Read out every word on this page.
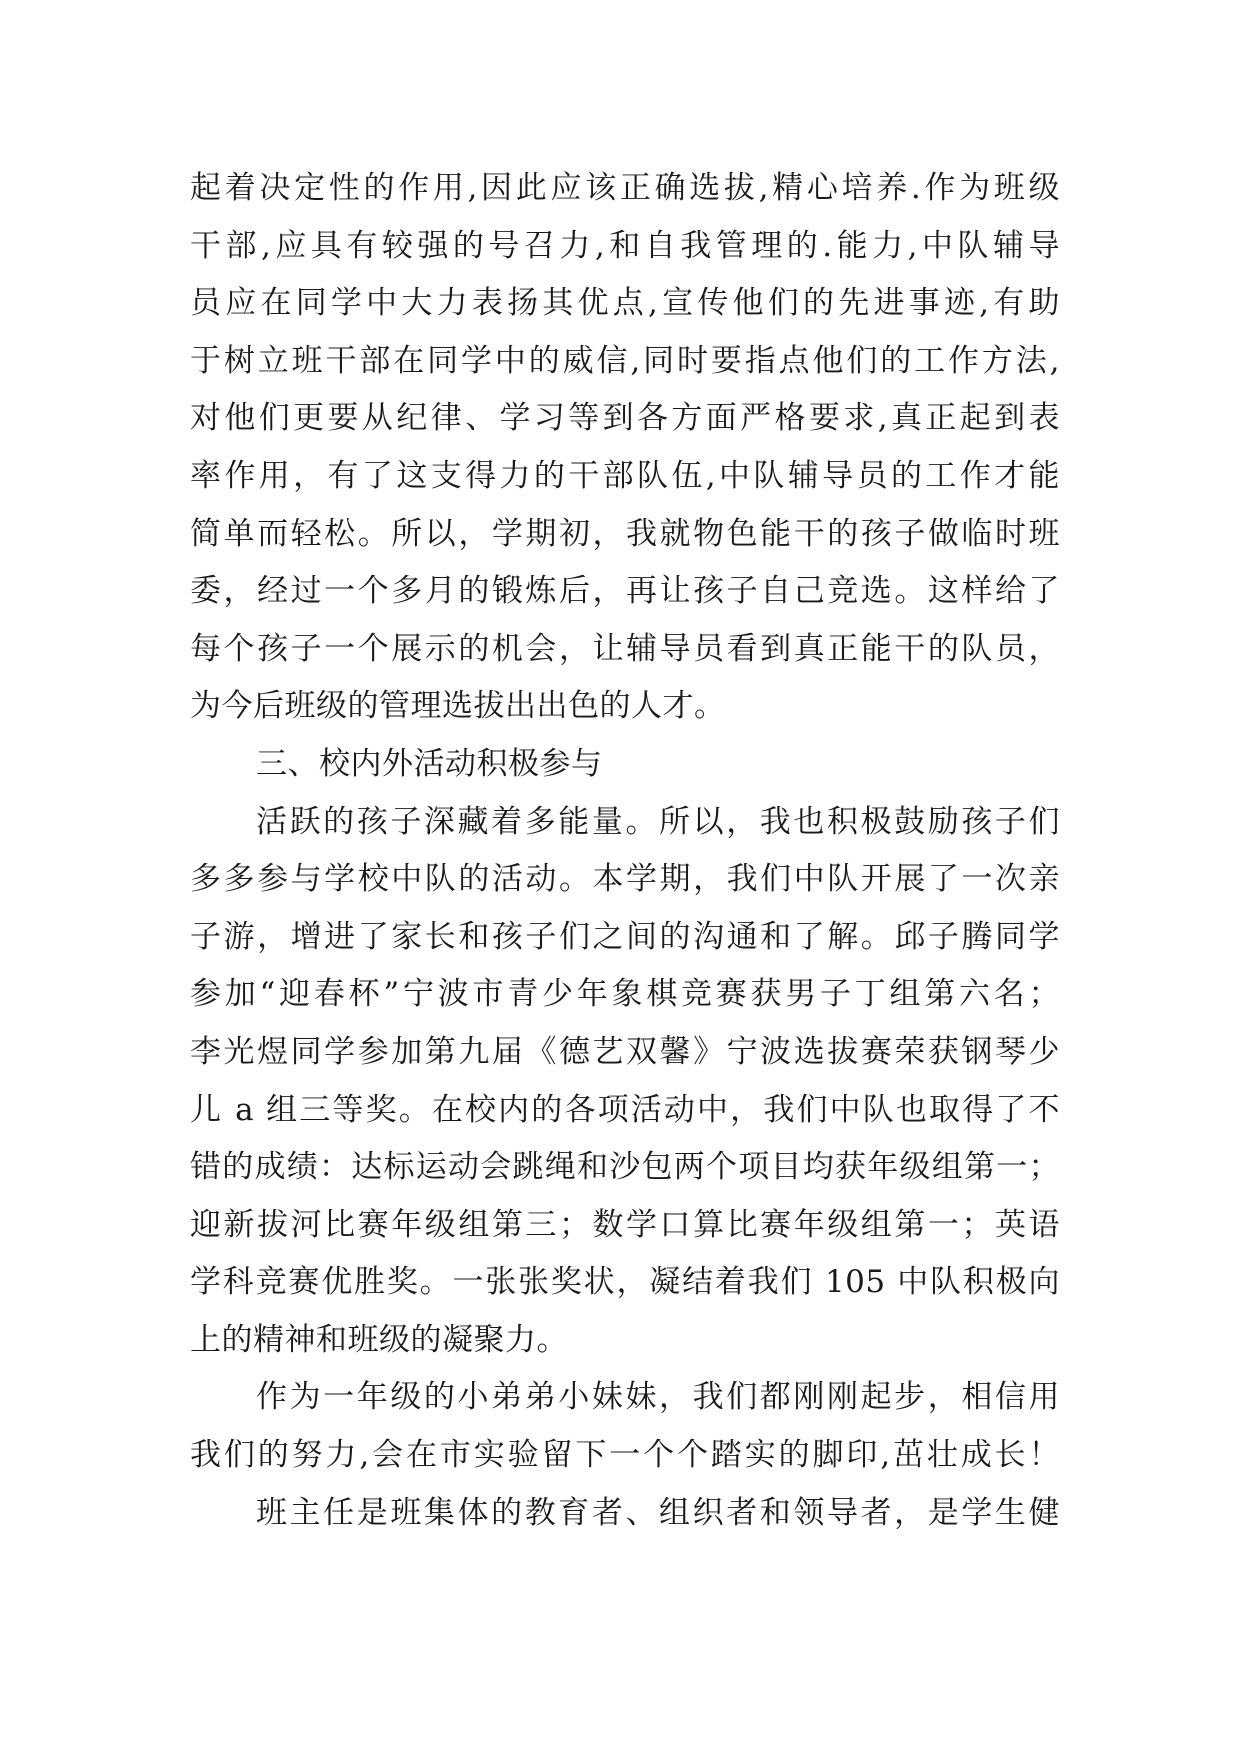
起着决定性的作用,因此应该正确选拔,精心培养.作为班级
干部,应具有较强的号召力,和自我管理的.能力,中队辅导
员应在同学中大力表扬其优点,宣传他们的先进事迹,有助
于树立班干部在同学中的威信,同时要指点他们的工作方法,
对他们更要从纪律、学习等到各方面严格要求,真正起到表
率作用，有了这支得力的干部队伍,中队辅导员的工作才能
简单而轻松。所以，学期初，我就物色能干的孩子做临时班
委，经过一个多月的锻炼后，再让孩子自己竞选。这样给了
每个孩子一个展示的机会，让辅导员看到真正能干的队员，
为今后班级的管理选拔出出色的人才。
三、校内外活动积极参与
活跃的孩子深藏着多能量。所以，我也积极鼓励孩子们
多多参与学校中队的活动。本学期，我们中队开展了一次亲
子游，增进了家长和孩子们之间的沟通和了解。邱子腾同学
参加“迎春杯”宁波市青少年象棋竞赛获男子丁组第六名；
李光煜同学参加第九届《德艺双馨》宁波选拔赛荣获钢琴少
儿 a 组三等奖。在校内的各项活动中，我们中队也取得了不
错的成绩：达标运动会跳绳和沙包两个项目均获年级组第一；
迎新拔河比赛年级组第三；数学口算比赛年级组第一；英语
学科竞赛优胜奖。一张张奖状，凝结着我们 105 中队积极向
上的精神和班级的凝聚力。
作为一年级的小弟弟小妹妹，我们都刚刚起步，相信用
我们的努力,会在市实验留下一个个踏实的脚印,茁壮成长！
班主任是班集体的教育者、组织者和领导者，是学生健
